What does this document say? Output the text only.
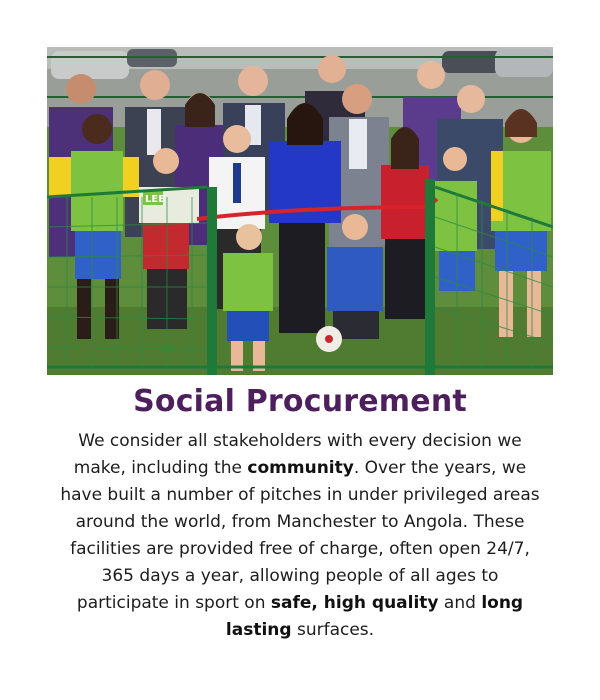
LEE
Social Procurement
We consider all stakeholders with every decision we make, including the community. Over the years, we have built a number of pitches in under privileged areas around the world, from Manchester to Angola. These facilities are provided free of charge, often open 24/7, 365 days a year, allowing people of all ages to participate in sport on safe, high quality and long lasting surfaces.
